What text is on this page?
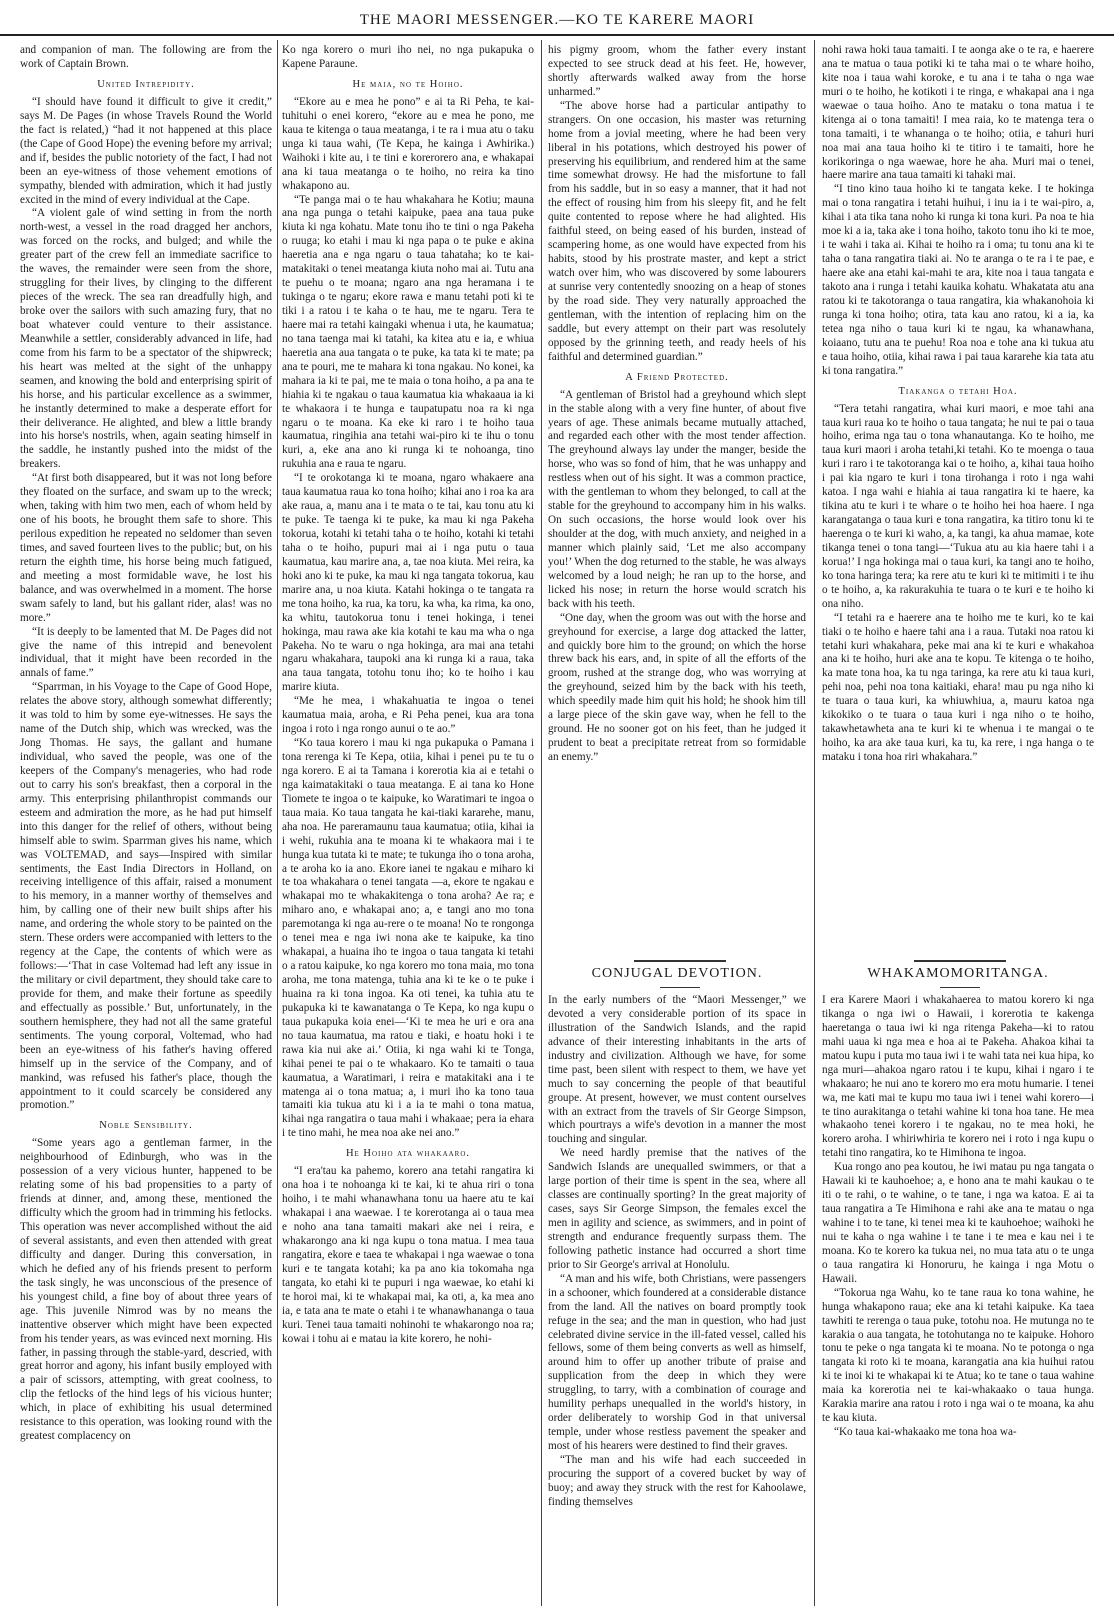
THE MAORI MESSENGER.—KO TE KARERE MAORI

and companion of man. The following are from the work of Captain Brown.

United Intrepidity.

“I should have found it difficult to give it credit,” says M. De Pages (in whose Travels Round the World the fact is related,) “had it not happened at this place (the Cape of Good Hope) the evening before my arrival; and if, besides the public notoriety of the fact, I had not been an eye-witness of those vehement emotions of sympathy, blended with admiration, which it had justly excited in the mind of every individual at the Cape.

“A violent gale of wind setting in from the north north-west, a vessel in the road dragged her anchors, was forced on the rocks, and bulged; and while the greater part of the crew fell an immediate sacrifice to the waves, the remainder were seen from the shore, struggling for their lives, by clinging to the different pieces of the wreck. The sea ran dreadfully high, and broke over the sailors with such amazing fury, that no boat whatever could venture to their assistance. Meanwhile a settler, considerably advanced in life, had come from his farm to be a spectator of the shipwreck; his heart was melted at the sight of the unhappy seamen, and knowing the bold and enterprising spirit of his horse, and his particular excellence as a swimmer, he instantly determined to make a desperate effort for their deliverance. He alighted, and blew a little brandy into his horse's nostrils, when, again seating himself in the saddle, he instantly pushed into the midst of the breakers.

“At first both disappeared, but it was not long before they floated on the surface, and swam up to the wreck; when, taking with him two men, each of whom held by one of his boots, he brought them safe to shore. This perilous expedition he repeated no seldomer than seven times, and saved fourteen lives to the public; but, on his return the eighth time, his horse being much fatigued, and meeting a most formidable wave, he lost his balance, and was overwhelmed in a moment. The horse swam safely to land, but his gallant rider, alas! was no more.”

“It is deeply to be lamented that M. De Pages did not give the name of this intrepid and benevolent individual, that it might have been recorded in the annals of fame.”

“Sparrman, in his Voyage to the Cape of Good Hope, relates the above story, although somewhat differently; it was told to him by some eye-witnesses. He says the name of the Dutch ship, which was wrecked, was the Jong Thomas. He says, the gallant and humane individual, who saved the people, was one of the keepers of the Company's menageries, who had rode out to carry his son's breakfast, then a corporal in the army. This enterprising philanthropist commands our esteem and admiration the more, as he had put himself into this danger for the relief of others, without being himself able to swim. Sparrman gives his name, which was VOLTEMAD, and says—Inspired with similar sentiments, the East India Directors in Holland, on receiving intelligence of this affair, raised a monument to his memory, in a manner worthy of themselves and him, by calling one of their new built ships after his name, and ordering the whole story to be painted on the stern. These orders were accompanied with letters to the regency at the Cape, the contents of which were as follows:—‘That in case Voltemad had left any issue in the military or civil department, they should take care to provide for them, and make their fortune as speedily and effectually as possible.’ But, unfortunately, in the southern hemisphere, they had not all the same grateful sentiments. The young corporal, Voltemad, who had been an eye-witness of his father's having offered himself up in the service of the Company, and of mankind, was refused his father's place, though the appointment to it could scarcely be considered any promotion.”

Noble Sensibility.

“Some years ago a gentleman farmer, in the neighbourhood of Edinburgh, who was in the possession of a very vicious hunter, happened to be relating some of his bad propensities to a party of friends at dinner, and, among these, mentioned the difficulty which the groom had in trimming his fetlocks. This operation was never accomplished without the aid of several assistants, and even then attended with great difficulty and danger. During this conversation, in which he defied any of his friends present to perform the task singly, he was unconscious of the presence of his youngest child, a fine boy of about three years of age. This juvenile Nimrod was by no means the inattentive observer which might have been expected from his tender years, as was evinced next morning. His father, in passing through the stable-yard, descried, with great horror and agony, his infant busily employed with a pair of scissors, attempting, with great coolness, to clip the fetlocks of the hind legs of his vicious hunter; which, in place of exhibiting his usual determined resistance to this operation, was looking round with the greatest complacency on

Ko nga korero o muri iho nei, no nga pukapuka o Kapene Paraune.

He maia, no te Hoiho.

“Ekore au e mea he pono” e ai ta Ri Peha, te kai-tuhituhi o enei korero, “ekore au e mea he pono, me kaua te kitenga o taua meatanga, i te ra i mua atu o taku unga ki taua wahi, (Te Kepa, he kainga i Awhirika.) Waihoki i kite au, i te tini e korerorero ana, e whakapai ana ki taua meatanga o te hoiho, no reira ka tino whakapono au.

“Te panga mai o te hau whakahara he Kotiu; mauna ana nga punga o tetahi kaipuke, paea ana taua puke kiuta ki nga kohatu. Mate tonu iho te tini o nga Pakeha o ruuga; ko etahi i mau ki nga papa o te puke e akina haeretia ana e nga ngaru o taua tahataha; ko te kai-matakitaki o tenei meatanga kiuta noho mai ai. Tutu ana te puehu o te moana; ngaro ana nga heramana i te tukinga o te ngaru; ekore rawa e manu tetahi poti ki te tiki i a ratou i te kaha o te hau, me te ngaru. Tera te haere mai ra tetahi kaingaki whenua i uta, he kaumatua; no tana taenga mai ki tatahi, ka kitea atu e ia, e whiua haeretia ana aua tangata o te puke, ka tata ki te mate; pa ana te pouri, me te mahara ki tona ngakau. No konei, ka mahara ia ki te pai, me te maia o tona hoiho, a pa ana te hiahia ki te ngakau o taua kaumatua kia whakaaua ia ki te whakaora i te hunga e taupatupatu noa ra ki nga ngaru o te moana. Ka eke ki raro i te hoiho taua kaumatua, ringihia ana tetahi wai-piro ki te ihu o tonu kuri, a, eke ana ano ki runga ki te nohoanga, tino rukuhia ana e raua te ngaru.

“I te orokotanga ki te moana, ngaro whakaere ana taua kaumatua raua ko tona hoiho; kihai ano i roa ka ara ake raua, a, manu ana i te mata o te tai, kau tonu atu ki te puke. Te taenga ki te puke, ka mau ki nga Pakeha tokorua, kotahi ki tetahi taha o te hoiho, kotahi ki tetahi taha o te hoiho, pupuri mai ai i nga putu o taua kaumatua, kau marire ana, a, tae noa kiuta. Mei reira, ka hoki ano ki te puke, ka mau ki nga tangata tokorua, kau marire ana, u noa kiuta. Katahi hokinga o te tangata ra me tona hoiho, ka rua, ka toru, ka wha, ka rima, ka ono, ka whitu, tautokorua tonu i tenei hokinga, i tenei hokinga, mau rawa ake kia kotahi te kau ma wha o nga Pakeha. No te waru o nga hokinga, ara mai ana tetahi ngaru whakahara, taupoki ana ki runga ki a raua, taka ana taua tangata, totohu tonu iho; ko te hoiho i kau marire kiuta.

“Me he mea, i whakahuatia te ingoa o tenei kaumatua maia, aroha, e Ri Peha penei, kua ara tona ingoa i roto i nga rongo aunui o te ao.”

“Ko taua korero i mau ki nga pukapuka o Pamana i tona rerenga ki Te Kepa, otiia, kihai i penei pu te tu o nga korero. E ai ta Tamana i korerotia kia ai e tetahi o nga kaimatakitaki o taua meatanga. E ai tana ko Hone Tiomete te ingoa o te kaipuke, ko Waratimari te ingoa o taua maia. Ko taua tangata he kai-tiaki kararehe, manu, aha noa. He pareramaunu taua kaumatua; otiia, kihai ia i wehi, rukuhia ana te moana ki te whakaora mai i te hunga kua tutata ki te mate; te tukunga iho o tona aroha, a te aroha ko ia ano. Ekore ianei te ngakau e miharo ki te toa whakahara o tenei tangata —a, ekore te ngakau e whakapai mo te whakakitenga o tona aroha? Ae ra; e miharo ano, e whakapai ano; a, e tangi ano mo tona paremotanga ki nga au-rere o te moana! No te rongonga o tenei mea e nga iwi nona ake te kaipuke, ka tino whakapai, a huaina iho te ingoa o taua tangata ki tetahi o a ratou kaipuke, ko nga korero mo tona maia, mo tona aroha, me tona matenga, tuhia ana ki te ke o te puke i huaina ra ki tona ingoa. Ka oti tenei, ka tuhia atu te pukapuka ki te kawanatanga o Te Kepa, ko nga kupu o taua pukapuka koia enei—‘Ki te mea he uri e ora ana no taua kaumatua, ma ratou e tiaki, e hoatu hoki i te rawa kia nui ake ai.’ Otiia, ki nga wahi ki te Tonga, kihai penei te pai o te whakaaro. Ko te tamaiti o taua kaumatua, a Waratimari, i reira e matakitaki ana i te matenga ai o tona matua; a, i muri iho ka tono taua tamaiti kia tukua atu ki i a ia te mahi o tona matua, kihai nga rangatira o taua mahi i whakaae; pera ia ehara i te tino mahi, he mea noa ake nei ano.”

He Hoiho ata whakaaro.

“I era'tau ka pahemo, korero ana tetahi rangatira ki ona hoa i te nohoanga ki te kai, ki te ahua riri o tona hoiho, i te mahi whanawhana tonu ua haere atu te kai whakapai i ana waewae. I te korerotanga ai o taua mea e noho ana tana tamaiti makari ake nei i reira, e whakarongo ana ki nga kupu o tona matua. I mea taua rangatira, ekore e taea te whakapai i nga waewae o tona kuri e te tangata kotahi; ka pa ano kia tokomaha nga tangata, ko etahi ki te pupuri i nga waewae, ko etahi ki te horoi mai, ki te whakapai mai, ka oti, a, ka mea ano ia, e tata ana te mate o etahi i te whanawhananga o taua kuri. Tenei taua tamaiti nohinohi te whakarongo noa ra; kowai i tohu ai e matau ia kite korero, he nohi-

his pigmy groom, whom the father every instant expected to see struck dead at his feet. He, however, shortly afterwards walked away from the horse unharmed.”

“The above horse had a particular antipathy to strangers. On one occasion, his master was returning home from a jovial meeting, where he had been very liberal in his potations, which destroyed his power of preserving his equilibrium, and rendered him at the same time somewhat drowsy. He had the misfortune to fall from his saddle, but in so easy a manner, that it had not the effect of rousing him from his sleepy fit, and he felt quite contented to repose where he had alighted. His faithful steed, on being eased of his burden, instead of scampering home, as one would have expected from his habits, stood by his prostrate master, and kept a strict watch over him, who was discovered by some labourers at sunrise very contentedly snoozing on a heap of stones by the road side. They very naturally approached the gentleman, with the intention of replacing him on the saddle, but every attempt on their part was resolutely opposed by the grinning teeth, and ready heels of his faithful and determined guardian.”

A Friend Protected.

“A gentleman of Bristol had a greyhound which slept in the stable along with a very fine hunter, of about five years of age. These animals became mutually attached, and regarded each other with the most tender affection. The greyhound always lay under the manger, beside the horse, who was so fond of him, that he was unhappy and restless when out of his sight. It was a common practice, with the gentleman to whom they belonged, to call at the stable for the greyhound to accompany him in his walks. On such occasions, the horse would look over his shoulder at the dog, with much anxiety, and neighed in a manner which plainly said, ‘Let me also accompany you!’ When the dog returned to the stable, he was always welcomed by a loud neigh; he ran up to the horse, and licked his nose; in return the horse would scratch his back with his teeth.

“One day, when the groom was out with the horse and greyhound for exercise, a large dog attacked the latter, and quickly bore him to the ground; on which the horse threw back his ears, and, in spite of all the efforts of the groom, rushed at the strange dog, who was worrying at the greyhound, seized him by the back with his teeth, which speedily made him quit his hold; he shook him till a large piece of the skin gave way, when he fell to the ground. He no sooner got on his feet, than he judged it prudent to beat a precipitate retreat from so formidable an enemy.”

nohi rawa hoki taua tamaiti. I te aonga ake o te ra, e haerere ana te matua o taua potiki ki te taha mai o te whare hoiho, kite noa i taua wahi koroke, e tu ana i te taha o nga wae muri o te hoiho, he kotikoti i te ringa, e whakapai ana i nga waewae o taua hoiho. Ano te mataku o tona matua i te kitenga ai o tona tamaiti! I mea raia, ko te matenga tera o tona tamaiti, i te whananga o te hoiho; otiia, e tahuri huri noa mai ana taua hoiho ki te titiro i te tamaiti, hore he korikoringa o nga waewae, hore he aha. Muri mai o tenei, haere marire ana taua tamaiti ki tahaki mai.

“I tino kino taua hoiho ki te tangata keke. I te hokinga mai o tona rangatira i tetahi huihui, i inu ia i te wai-piro, a, kihai i ata tika tana noho ki runga ki tona kuri. Pa noa te hia moe ki a ia, taka ake i tona hoiho, takoto tonu iho ki te moe, i te wahi i taka ai. Kihai te hoiho ra i oma; tu tonu ana ki te taha o tana rangatira tiaki ai. No te aranga o te ra i te pae, e haere ake ana etahi kai-mahi te ara, kite noa i taua tangata e takoto ana i runga i tetahi kauika kohatu. Whakatata atu ana ratou ki te takotoranga o taua rangatira, kia whakanohoia ki runga ki tona hoiho; otira, tata kau ano ratou, ki a ia, ka tetea nga niho o taua kuri ki te ngau, ka whanawhana, koiaano, tutu ana te puehu! Roa noa e tohe ana ki tukua atu e taua hoiho, otiia, kihai rawa i pai taua kararehe kia tata atu ki tona rangatira.”

Tiakanga o tetahi Hoa.

“Tera tetahi rangatira, whai kuri maori, e moe tahi ana taua kuri raua ko te hoiho o taua tangata; he nui te pai o taua hoiho, erima nga tau o tona whanautanga. Ko te hoiho, me taua kuri maori i aroha tetahi,ki tetahi. Ko te moenga o taua kuri i raro i te takotoranga kai o te hoiho, a, kihai taua hoiho i pai kia ngaro te kuri i tona tirohanga i roto i nga wahi katoa. I nga wahi e hiahia ai taua rangatira ki te haere, ka tikina atu te kuri i te whare o te hoiho hei hoa haere. I nga karangatanga o taua kuri e tona rangatira, ka titiro tonu ki te haerenga o te kuri ki waho, a, ka tangi, ka ahua mamae, kote tikanga tenei o tona tangi—‘Tukua atu au kia haere tahi i a korua!’ I nga hokinga mai o taua kuri, ka tangi ano te hoiho, ko tona haringa tera; ka rere atu te kuri ki te mitimiti i te ihu o te hoiho, a, ka rakurakuhia te tuara o te kuri e te hoiho ki ona niho.

“I tetahi ra e haerere ana te hoiho me te kuri, ko te kai tiaki o te hoiho e haere tahi ana i a raua. Tutaki noa ratou ki tetahi kuri whakahara, peke mai ana ki te kuri e whakahoa ana ki te hoiho, huri ake ana te kopu. Te kitenga o te hoiho, ka mate tona hoa, ka tu nga taringa, ka rere atu ki taua kuri, pehi noa, pehi noa tona kaitiaki, ehara! mau pu nga niho ki te tuara o taua kuri, ka whiuwhiua, a, mauru katoa nga kikokiko o te tuara o taua kuri i nga niho o te hoiho, takawhetawheta ana te kuri ki te whenua i te mangai o te hoiho, ka ara ake taua kuri, ka tu, ka rere, i nga hanga o te mataku i tona hoa riri whakahara.”

CONJUGAL DEVOTION.	WHAKAMOMORITANGA.

In the early numbers of the “Maori Messenger,” we devoted a very considerable portion of its space in illustration of the Sandwich Islands, and the rapid advance of their interesting inhabitants in the arts of industry and civilization. Although we have, for some time past, been silent with respect to them, we have yet much to say concerning the people of that beautiful groupe. At present, however, we must content ourselves with an extract from the travels of Sir George Simpson, which pourtrays a wife's devotion in a manner the most touching and singular.

We need hardly premise that the natives of the Sandwich Islands are unequalled swimmers, or that a large portion of their time is spent in the sea, where all classes are continually sporting? In the great majority of cases, says Sir George Simpson, the females excel the men in agility and science, as swimmers, and in point of strength and endurance frequently surpass them. The following pathetic instance had occurred a short time prior to Sir George's arrival at Honolulu.

“A man and his wife, both Christians, were passengers in a schooner, which foundered at a considerable distance from the land. All the natives on board promptly took refuge in the sea; and the man in question, who had just celebrated divine service in the ill-fated vessel, called his fellows, some of them being converts as well as himself, around him to offer up another tribute of praise and supplication from the deep in which they were struggling, to tarry, with a combination of courage and humility perhaps unequalled in the world's history, in order deliberately to worship God in that universal temple, under whose restless pavement the speaker and most of his hearers were destined to find their graves.

“The man and his wife had each succeeded in procuring the support of a covered bucket by way of buoy; and away they struck with the rest for Kahoolawe, finding themselves

I era Karere Maori i whakahaerea to matou korero ki nga tikanga o nga iwi o Hawaii, i korerotia te kakenga haeretanga o taua iwi ki nga ritenga Pakeha—ki to ratou mahi uaua ki nga mea e hoa ai te Pakeha. Ahakoa kihai ta matou kupu i puta mo taua iwi i te wahi tata nei kua hipa, ko nga muri—ahakoa ngaro ratou i te kupu, kihai i ngaro i te whakaaro; he nui ano te korero mo era motu humarie. I tenei wa, me kati mai te kupu mo taua iwi i tenei wahi korero—i te tino aurakitanga o tetahi wahine ki tona hoa tane. He mea whakaoho tenei korero i te ngakau, no te mea hoki, he korero aroha. I whiriwhiria te korero nei i roto i nga kupu o tetahi tino rangatira, ko te Himihona te ingoa.

Kua rongo ano pea koutou, he iwi matau pu nga tangata o Hawaii ki te kauhoehoe; a, e hono ana te mahi kaukau o te iti o te rahi, o te wahine, o te tane, i nga wa katoa. E ai ta taua rangatira a Te Himihona e rahi ake ana te matau o nga wahine i to te tane, ki tenei mea ki te kauhoehoe; waihoki he nui te kaha o nga wahine i te tane i te mea e kau nei i te moana. Ko te korero ka tukua nei, no mua tata atu o te unga o taua rangatira ki Honoruru, he kainga i nga Motu o Hawaii.

“Tokorua nga Wahu, ko te tane raua ko tona wahine, he hunga whakapono raua; eke ana ki tetahi kaipuke. Ka taea tawhiti te rerenga o taua puke, totohu noa. He mutunga no te karakia o aua tangata, he totohutanga no te kaipuke. Hohoro tonu te peke o nga tangata ki te moana. No te potonga o nga tangata ki roto ki te moana, karangatia ana kia huihui ratou ki te inoi ki te whakapai ki te Atua; ko te tane o taua wahine maia ka korerotia nei te kai-whakaako o taua hunga. Karakia marire ana ratou i roto i nga wai o te moana, ka ahu te kau kiuta.

“Ko taua kai-whakaako me tona hoa wa-
